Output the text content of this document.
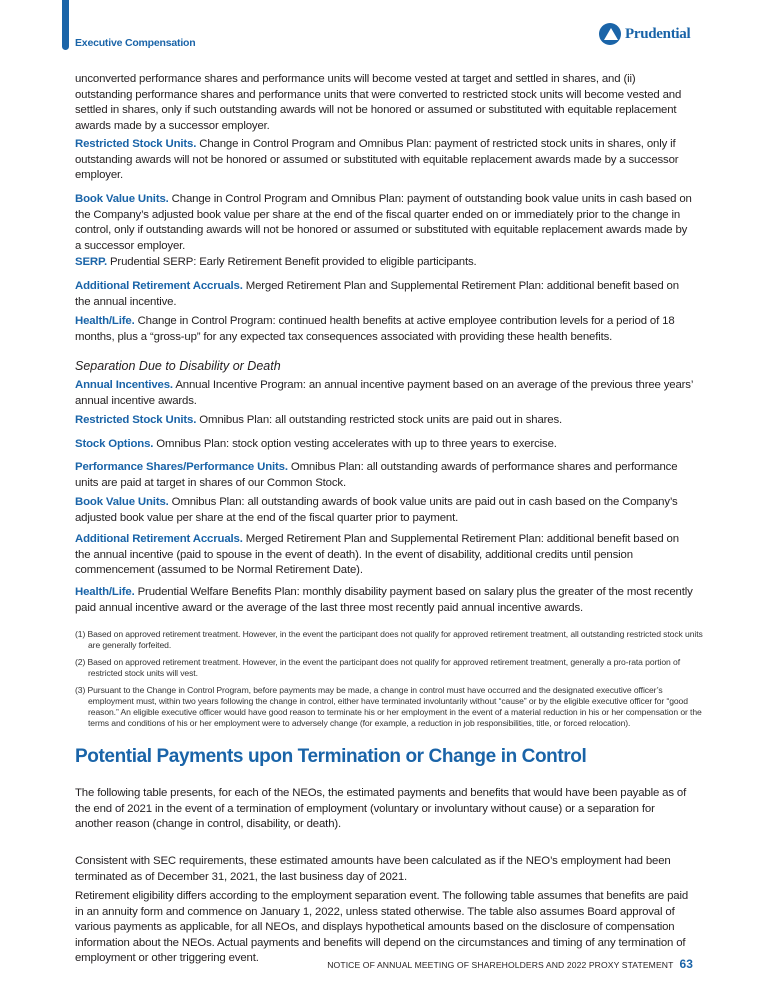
Executive Compensation
Prudential
unconverted performance shares and performance units will become vested at target and settled in shares, and (ii) outstanding performance shares and performance units that were converted to restricted stock units will become vested and settled in shares, only if such outstanding awards will not be honored or assumed or substituted with equitable replacement awards made by a successor employer.
Restricted Stock Units. Change in Control Program and Omnibus Plan: payment of restricted stock units in shares, only if outstanding awards will not be honored or assumed or substituted with equitable replacement awards made by a successor employer.
Book Value Units. Change in Control Program and Omnibus Plan: payment of outstanding book value units in cash based on the Company’s adjusted book value per share at the end of the fiscal quarter ended on or immediately prior to the change in control, only if outstanding awards will not be honored or assumed or substituted with equitable replacement awards made by a successor employer.
SERP. Prudential SERP: Early Retirement Benefit provided to eligible participants.
Additional Retirement Accruals. Merged Retirement Plan and Supplemental Retirement Plan: additional benefit based on the annual incentive.
Health/Life. Change in Control Program: continued health benefits at active employee contribution levels for a period of 18 months, plus a “gross-up” for any expected tax consequences associated with providing these health benefits.
Separation Due to Disability or Death
Annual Incentives. Annual Incentive Program: an annual incentive payment based on an average of the previous three years’ annual incentive awards.
Restricted Stock Units. Omnibus Plan: all outstanding restricted stock units are paid out in shares.
Stock Options. Omnibus Plan: stock option vesting accelerates with up to three years to exercise.
Performance Shares/Performance Units. Omnibus Plan: all outstanding awards of performance shares and performance units are paid at target in shares of our Common Stock.
Book Value Units. Omnibus Plan: all outstanding awards of book value units are paid out in cash based on the Company’s adjusted book value per share at the end of the fiscal quarter prior to payment.
Additional Retirement Accruals. Merged Retirement Plan and Supplemental Retirement Plan: additional benefit based on the annual incentive (paid to spouse in the event of death). In the event of disability, additional credits until pension commencement (assumed to be Normal Retirement Date).
Health/Life. Prudential Welfare Benefits Plan: monthly disability payment based on salary plus the greater of the most recently paid annual incentive award or the average of the last three most recently paid annual incentive awards.
(1) Based on approved retirement treatment. However, in the event the participant does not qualify for approved retirement treatment, all outstanding restricted stock units are generally forfeited.
(2) Based on approved retirement treatment. However, in the event the participant does not qualify for approved retirement treatment, generally a pro-rata portion of restricted stock units will vest.
(3) Pursuant to the Change in Control Program, before payments may be made, a change in control must have occurred and the designated executive officer’s employment must, within two years following the change in control, either have terminated involuntarily without “cause” or by the eligible executive officer for “good reason.” An eligible executive officer would have good reason to terminate his or her employment in the event of a material reduction in his or her compensation or the terms and conditions of his or her employment were to adversely change (for example, a reduction in job responsibilities, title, or forced relocation).
Potential Payments upon Termination or Change in Control
The following table presents, for each of the NEOs, the estimated payments and benefits that would have been payable as of the end of 2021 in the event of a termination of employment (voluntary or involuntary without cause) or a separation for another reason (change in control, disability, or death).
Consistent with SEC requirements, these estimated amounts have been calculated as if the NEO’s employment had been terminated as of December 31, 2021, the last business day of 2021.
Retirement eligibility differs according to the employment separation event. The following table assumes that benefits are paid in an annuity form and commence on January 1, 2022, unless stated otherwise. The table also assumes Board approval of various payments as applicable, for all NEOs, and displays hypothetical amounts based on the disclosure of compensation information about the NEOs. Actual payments and benefits will depend on the circumstances and timing of any termination of employment or other triggering event.
NOTICE OF ANNUAL MEETING OF SHAREHOLDERS AND 2022 PROXY STATEMENT 63
